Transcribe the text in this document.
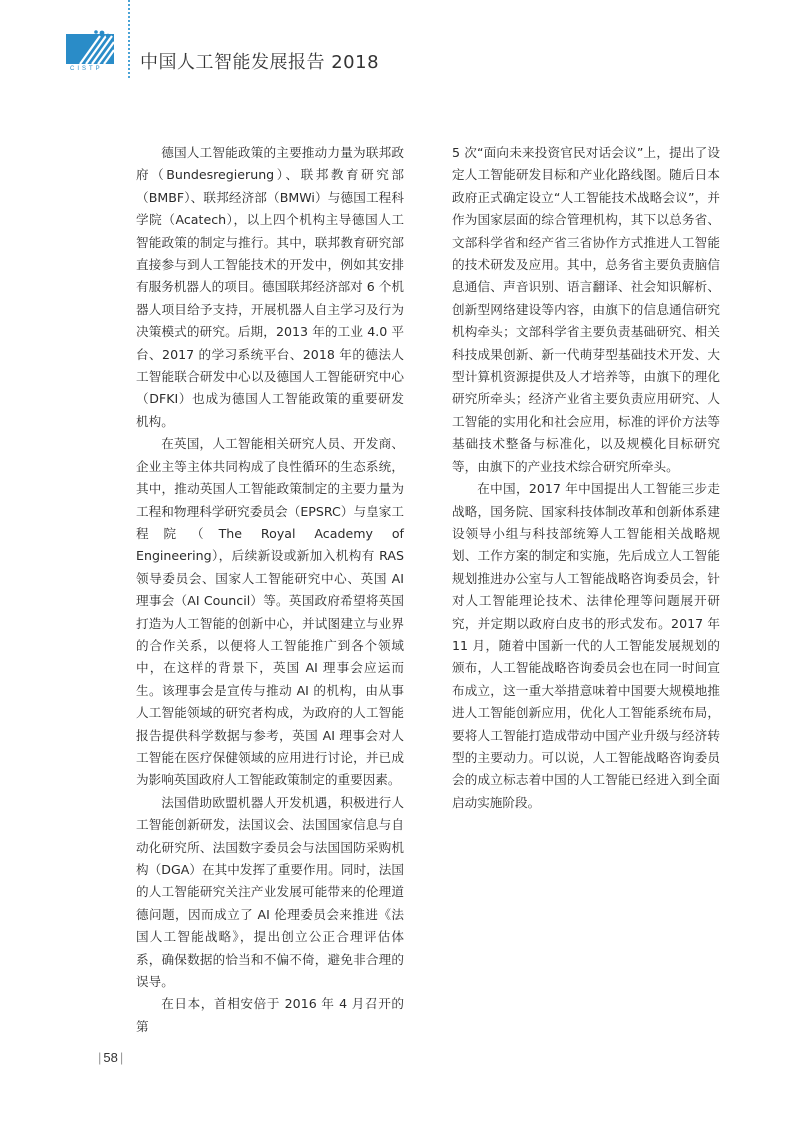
CISTP 中国人工智能发展报告 2018

德国人工智能政策的主要推动力量为联邦政府（Bundesregierung）、联邦教育研究部（BMBF）、联邦经济部（BMWi）与德国工程科学院（Acatech），以上四个机构主导德国人工智能政策的制定与推行。其中，联邦教育研究部直接参与到人工智能技术的开发中，例如其安排有服务机器人的项目。德国联邦经济部对 6 个机器人项目给予支持，开展机器人自主学习及行为决策模式的研究。后期，2013 年的工业 4.0 平台、2017 的学习系统平台、2018 年的德法人工智能联合研发中心以及德国人工智能研究中心（DFKI）也成为德国人工智能政策的重要研发机构。

在英国，人工智能相关研究人员、开发商、企业主等主体共同构成了良性循环的生态系统，其中，推动英国人工智能政策制定的主要力量为工程和物理科学研究委员会（EPSRC）与皇家工程院（The Royal Academy of Engineering），后续新设或新加入机构有 RAS 领导委员会、国家人工智能研究中心、英国 AI 理事会（AI Council）等。英国政府希望将英国打造为人工智能的创新中心，并试图建立与业界的合作关系，以便将人工智能推广到各个领域中，在这样的背景下，英国 AI 理事会应运而生。该理事会是宣传与推动 AI 的机构，由从事人工智能领域的研究者构成，为政府的人工智能报告提供科学数据与参考，英国 AI 理事会对人工智能在医疗保健领域的应用进行讨论，并已成为影响英国政府人工智能政策制定的重要因素。

法国借助欧盟机器人开发机遇，积极进行人工智能创新研发，法国议会、法国国家信息与自动化研究所、法国数字委员会与法国国防采购机构（DGA）在其中发挥了重要作用。同时，法国的人工智能研究关注产业发展可能带来的伦理道德问题，因而成立了 AI 伦理委员会来推进《法国人工智能战略》，提出创立公正合理评估体系，确保数据的恰当和不偏不倚，避免非合理的误导。

在日本，首相安倍于 2016 年 4 月召开的第

5 次“面向未来投资官民对话会议”上，提出了设定人工智能研发目标和产业化路线图。随后日本政府正式确定设立“人工智能技术战略会议”，并作为国家层面的综合管理机构，其下以总务省、文部科学省和经产省三省协作方式推进人工智能的技术研发及应用。其中，总务省主要负责脑信息通信、声音识别、语言翻译、社会知识解析、创新型网络建设等内容，由旗下的信息通信研究机构牵头；文部科学省主要负责基础研究、相关科技成果创新、新一代萌芽型基础技术开发、大型计算机资源提供及人才培养等，由旗下的理化研究所牵头；经济产业省主要负责应用研究、人工智能的实用化和社会应用，标准的评价方法等基础技术整备与标准化，以及规模化目标研究等，由旗下的产业技术综合研究所牵头。

在中国，2017 年中国提出人工智能三步走战略，国务院、国家科技体制改革和创新体系建设领导小组与科技部统筹人工智能相关战略规划、工作方案的制定和实施，先后成立人工智能规划推进办公室与人工智能战略咨询委员会，针对人工智能理论技术、法律伦理等问题展开研究，并定期以政府白皮书的形式发布。2017 年 11 月，随着中国新一代的人工智能发展规划的颁布，人工智能战略咨询委员会也在同一时间宣布成立，这一重大举措意味着中国要大规模地推进人工智能创新应用，优化人工智能系统布局，要将人工智能打造成带动中国产业升级与经济转型的主要动力。可以说，人工智能战略咨询委员会的成立标志着中国的人工智能已经进入到全面启动实施阶段。

| 58 |
